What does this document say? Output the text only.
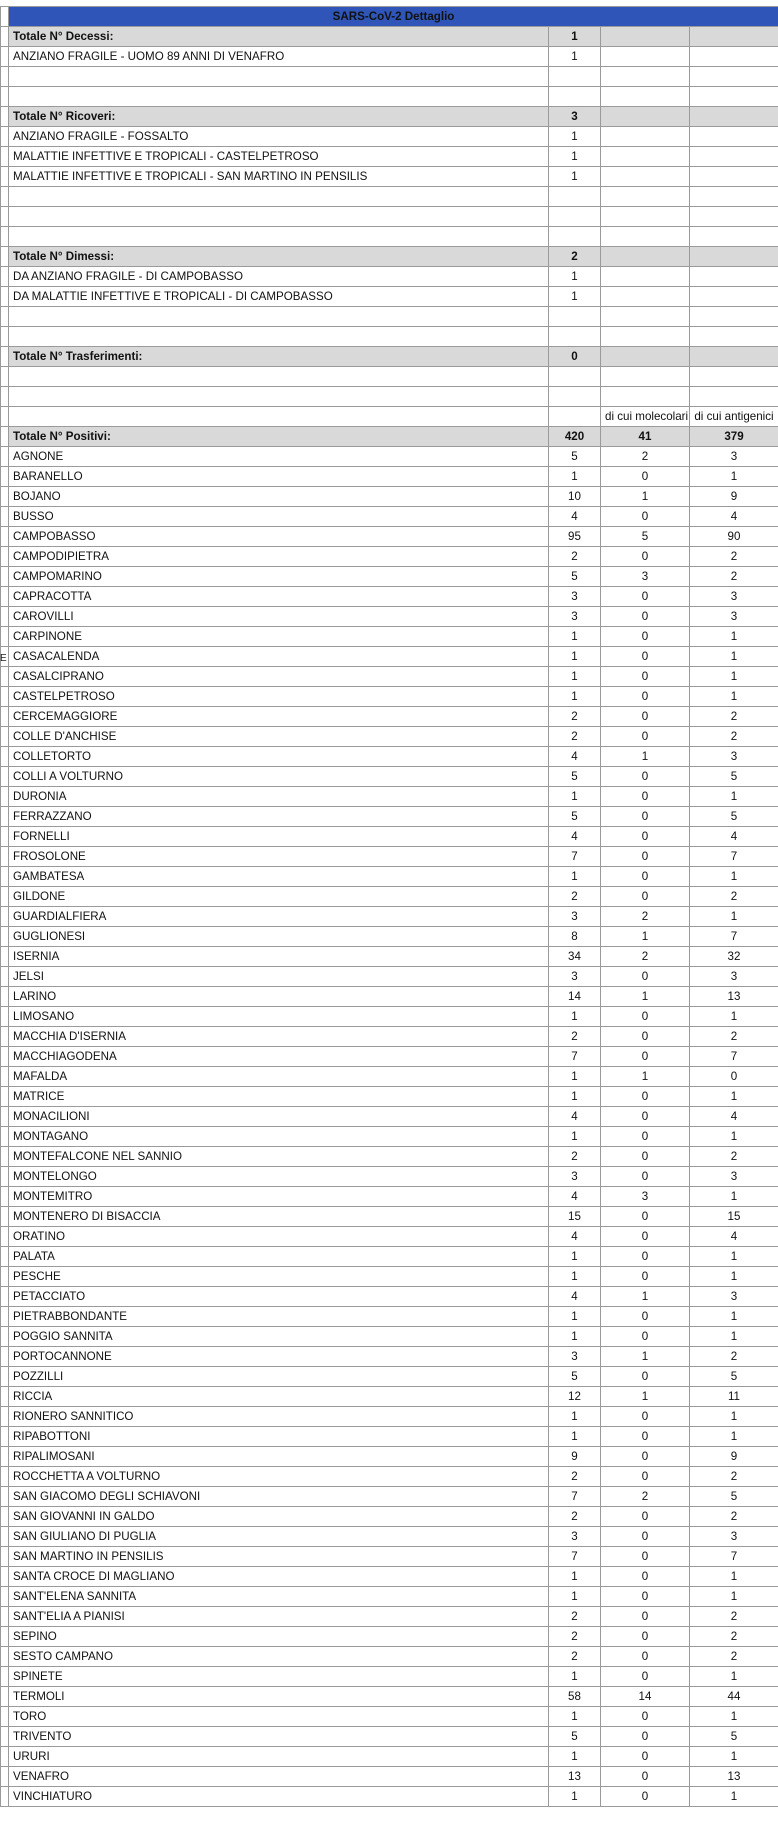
	SARS-CoV-2 Dettaglio			
	Totale N° Decessi:	1		
	ANZIANO FRAGILE - UOMO 89 ANNI DI VENAFRO	1		

	Totale N° Ricoveri:	3		
	ANZIANO FRAGILE - FOSSALTO	1		
	MALATTIE INFETTIVE E TROPICALI - CASTELPETROSO	1		
	MALATTIE INFETTIVE E TROPICALI - SAN MARTINO IN PENSILIS	1		

	Totale N° Dimessi:	2		
	DA ANZIANO FRAGILE - DI CAMPOBASSO	1		
	DA MALATTIE INFETTIVE E TROPICALI - DI CAMPOBASSO	1		

	Totale N° Trasferimenti:	0		

			di cui molecolari	di cui antigenici
	Totale N° Positivi:	420	41	379
	AGNONE	5	2	3
	BARANELLO	1	0	1
	BOJANO	10	1	9
	BUSSO	4	0	4
	CAMPOBASSO	95	5	90
	CAMPODIPIETRA	2	0	2
	CAMPOMARINO	5	3	2
	CAPRACOTTA	3	0	3
	CAROVILLI	3	0	3
	CARPINONE	1	0	1
	CASACALENDA	1	0	1
	CASALCIPRANO	1	0	1
	CASTELPETROSO	1	0	1
	CERCEMAGGIORE	2	0	2
	COLLE D'ANCHISE	2	0	2
	COLLETORTO	4	1	3
	COLLI A VOLTURNO	5	0	5
	DURONIA	1	0	1
	FERRAZZANO	5	0	5
	FORNELLI	4	0	4
	FROSOLONE	7	0	7
	GAMBATESA	1	0	1
	GILDONE	2	0	2
	GUARDIALFIERA	3	2	1
	GUGLIONESI	8	1	7
	ISERNIA	34	2	32
	JELSI	3	0	3
	LARINO	14	1	13
	LIMOSANO	1	0	1
	MACCHIA D'ISERNIA	2	0	2
	MACCHIAGODENA	7	0	7
	MAFALDA	1	1	0
	MATRICE	1	0	1
	MONACILIONI	4	0	4
	MONTAGANO	1	0	1
	MONTEFALCONE NEL SANNIO	2	0	2
	MONTELONGO	3	0	3
	MONTEMITRO	4	3	1
	MONTENERO DI BISACCIA	15	0	15
	ORATINO	4	0	4
	PALATA	1	0	1
	PESCHE	1	0	1
	PETACCIATO	4	1	3
	PIETRABBONDANTE	1	0	1
	POGGIO SANNITA	1	0	1
	PORTOCANNONE	3	1	2
	POZZILLI	5	0	5
	RICCIA	12	1	11
	RIONERO SANNITICO	1	0	1
	RIPABOTTONI	1	0	1
	RIPALIMOSANI	9	0	9
	ROCCHETTA A VOLTURNO	2	0	2
	SAN GIACOMO DEGLI SCHIAVONI	7	2	5
	SAN GIOVANNI IN GALDO	2	0	2
	SAN GIULIANO DI PUGLIA	3	0	3
	SAN MARTINO IN PENSILIS	7	0	7
	SANTA CROCE DI MAGLIANO	1	0	1
	SANT'ELENA SANNITA	1	0	1
	SANT'ELIA A PIANISI	2	0	2
	SEPINO	2	0	2
	SESTO CAMPANO	2	0	2
	SPINETE	1	0	1
	TERMOLI	58	14	44
	TORO	1	0	1
	TRIVENTO	5	0	5
	URURI	1	0	1
	VENAFRO	13	0	13
	VINCHIATURO	1	0	1
E
